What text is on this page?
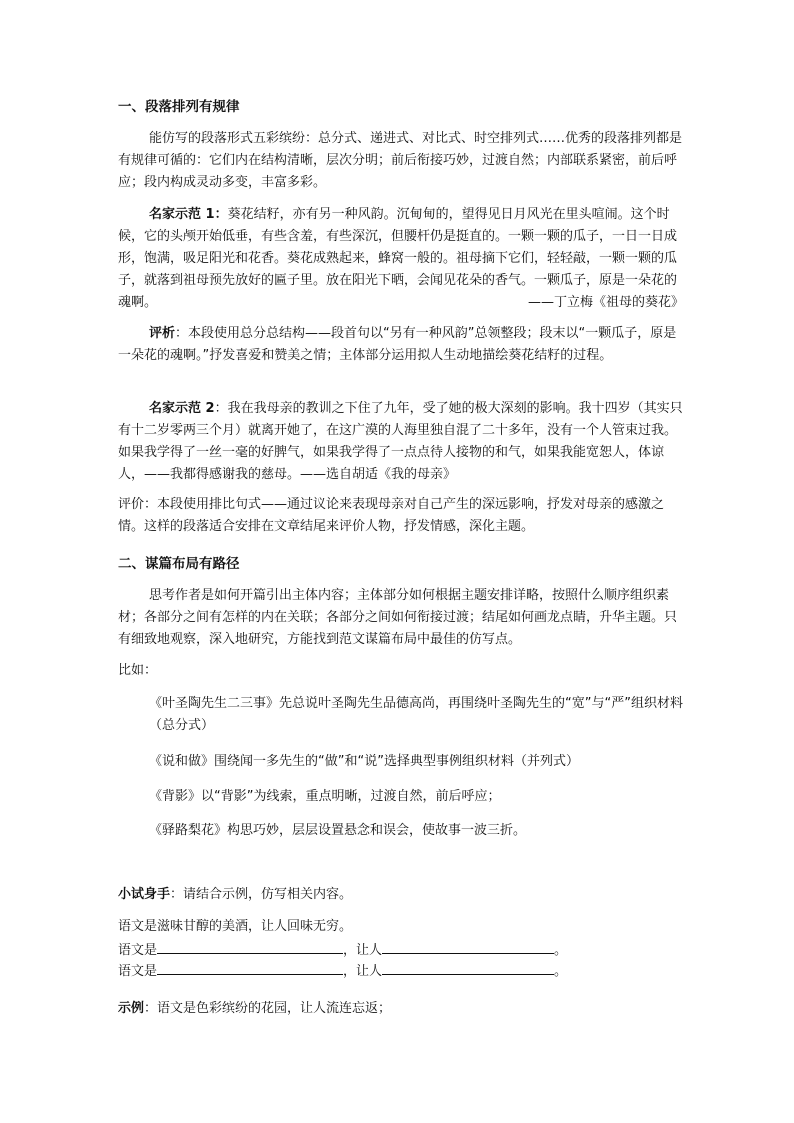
一、段落排列有规律
能仿写的段落形式五彩缤纷：总分式、递进式、对比式、时空排列式……优秀的段落排列都是有规律可循的：它们内在结构清晰，层次分明；前后衔接巧妙，过渡自然；内部联系紧密，前后呼应；段内构成灵动多变，丰富多彩。
名家示范 1：葵花结籽，亦有另一种风韵。沉甸甸的，望得见日月风光在里头喧闹。这个时候，它的头颅开始低垂，有些含羞，有些深沉，但腰杆仍是挺直的。一颗一颗的瓜子，一日一日成形，饱满，吸足阳光和花香。葵花成熟起来，蜂窝一般的。祖母摘下它们，轻轻敲，一颗一颗的瓜子，就落到祖母预先放好的匾子里。放在阳光下晒，会闻见花朵的香气。一颗瓜子，原是一朵花的魂啊。	——丁立梅《祖母的葵花》
评析：本段使用总分总结构——段首句以“另有一种风韵”总领整段；段末以“一颗瓜子，原是一朵花的魂啊。”抒发喜爱和赞美之情；主体部分运用拟人生动地描绘葵花结籽的过程。
名家示范 2：我在我母亲的教训之下住了九年，受了她的极大深刻的影响。我十四岁（其实只有十二岁零两三个月）就离开她了，在这广漠的人海里独自混了二十多年，没有一个人管束过我。如果我学得了一丝一毫的好脾气，如果我学得了一点点待人接物的和气，如果我能宽恕人，体谅人，——我都得感谢我的慈母。——选自胡适《我的母亲》
评价：本段使用排比句式——通过议论来表现母亲对自己产生的深远影响，抒发对母亲的感激之情。这样的段落适合安排在文章结尾来评价人物，抒发情感，深化主题。
二、谋篇布局有路径
思考作者是如何开篇引出主体内容；主体部分如何根据主题安排详略，按照什么顺序组织素材；各部分之间有怎样的内在关联；各部分之间如何衔接过渡；结尾如何画龙点睛，升华主题。只有细致地观察，深入地研究，方能找到范文谋篇布局中最佳的仿写点。
比如：
《叶圣陶先生二三事》先总说叶圣陶先生品德高尚，再围绕叶圣陶先生的“宽”与“严”组织材料（总分式）
《说和做》围绕闻一多先生的“做”和“说”选择典型事例组织材料（并列式）
《背影》以“背影”为线索，重点明晰，过渡自然，前后呼应；
《驿路梨花》构思巧妙，层层设置悬念和误会，使故事一波三折。
小试身手：请结合示例，仿写相关内容。
语文是滋味甘醇的美酒，让人回味无穷。
语文是	，让人	。
语文是	，让人	。
示例：语文是色彩缤纷的花园，让人流连忘返；
